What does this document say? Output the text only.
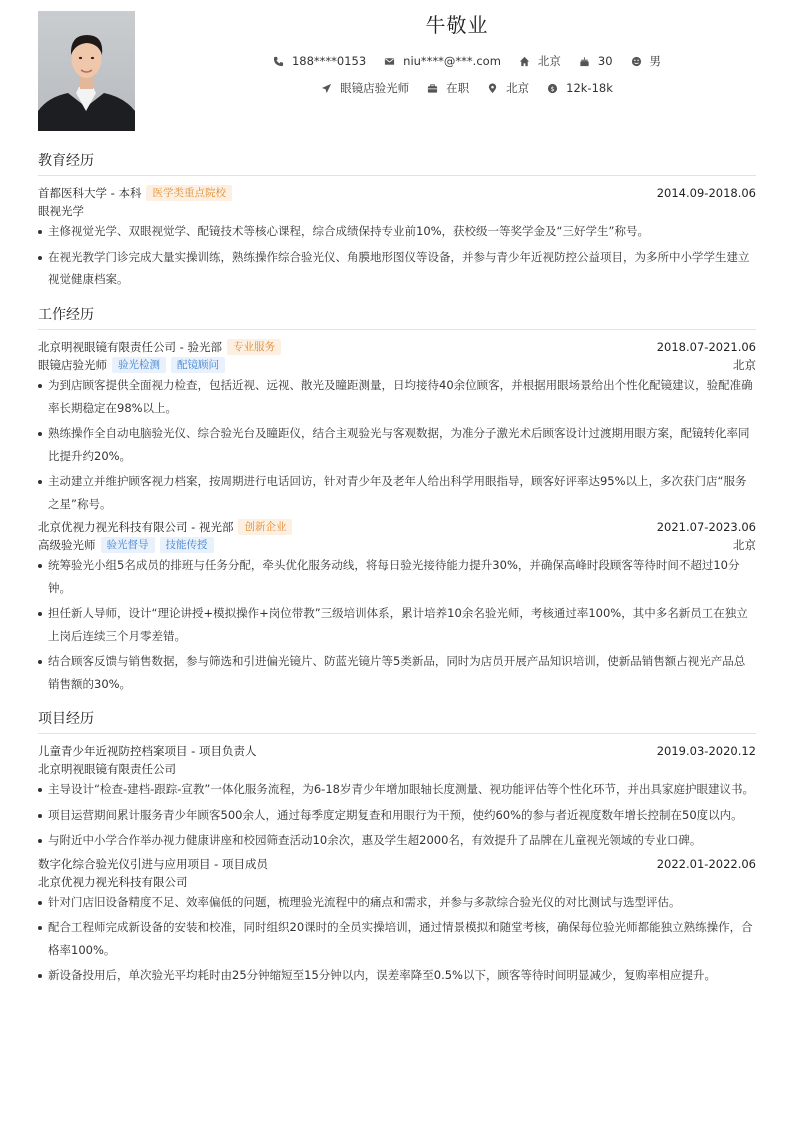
牛敬业
188****0153	niu****@***.com	北京	30	男
眼镜店验光师	在职	北京	$ 12k-18k
教育经历
首都医科大学 - 本科	医学类重点院校	2014.09-2018.06
眼视光学
主修视觉光学、双眼视觉学、配镜技术等核心课程，综合成绩保持专业前10%，获校级一等奖学金及“三好学生”称号。
在视光教学门诊完成大量实操训练，熟练操作综合验光仪、角膜地形图仪等设备，并参与青少年近视防控公益项目，为多所中小学学生建立视觉健康档案。
工作经历
北京明视眼镜有限责任公司 - 验光部	专业服务	2018.07-2021.06
眼镜店验光师	验光检测	配镜顾问	北京
为到店顾客提供全面视力检查，包括近视、远视、散光及瞳距测量，日均接待40余位顾客，并根据用眼场景给出个性化配镜建议，验配准确率长期稳定在98%以上。
熟练操作全自动电脑验光仪、综合验光台及瞳距仪，结合主观验光与客观数据，为准分子激光术后顾客设计过渡期用眼方案，配镜转化率同比提升约20%。
主动建立并维护顾客视力档案，按周期进行电话回访，针对青少年及老年人给出科学用眼指导，顾客好评率达95%以上，多次获门店“服务之星”称号。
北京优视力视光科技有限公司 - 视光部	创新企业	2021.07-2023.06
高级验光师	验光督导	技能传授	北京
统筹验光小组5名成员的排班与任务分配，牵头优化服务动线，将每日验光接待能力提升30%，并确保高峰时段顾客等待时间不超过10分钟。
担任新人导师，设计“理论讲授+模拟操作+岗位带教”三级培训体系，累计培养10余名验光师，考核通过率100%，其中多名新员工在独立上岗后连续三个月零差错。
结合顾客反馈与销售数据，参与筛选和引进偏光镜片、防蓝光镜片等5类新品，同时为店员开展产品知识培训，使新品销售额占视光产品总销售额的30%。
项目经历
儿童青少年近视防控档案项目 - 项目负责人	2019.03-2020.12
北京明视眼镜有限责任公司
主导设计“检查-建档-跟踪-宣教”一体化服务流程，为6-18岁青少年增加眼轴长度测量、视功能评估等个性化环节，并出具家庭护眼建议书。
项目运营期间累计服务青少年顾客500余人，通过每季度定期复查和用眼行为干预，使约60%的参与者近视度数年增长控制在50度以内。
与附近中小学合作举办视力健康讲座和校园筛查活动10余次，惠及学生超2000名，有效提升了品牌在儿童视光领域的专业口碑。
数字化综合验光仪引进与应用项目 - 项目成员	2022.01-2022.06
北京优视力视光科技有限公司
针对门店旧设备精度不足、效率偏低的问题，梳理验光流程中的痛点和需求，并参与多款综合验光仪的对比测试与选型评估。
配合工程师完成新设备的安装和校准，同时组织20课时的全员实操培训，通过情景模拟和随堂考核，确保每位验光师都能独立熟练操作，合格率100%。
新设备投用后，单次验光平均耗时由25分钟缩短至15分钟以内，误差率降至0.5%以下，顾客等待时间明显减少，复购率相应提升。
